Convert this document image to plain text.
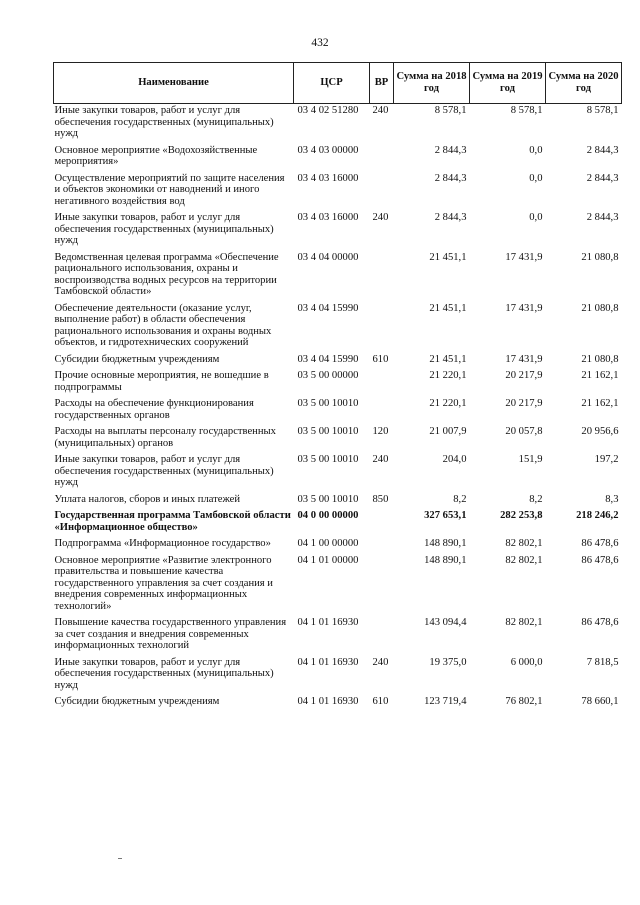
432
Наименование	ЦСР	ВР	Сумма на 2018 год	Сумма на 2019 год	Сумма на 2020 год
Иные закупки товаров, работ и услуг для обеспечения государственных (муниципальных) нужд	03 4 02 51280	240	8 578,1	8 578,1	8 578,1
Основное мероприятие «Водохозяйственные мероприятия»	03 4 03 00000		2 844,3	0,0	2 844,3
Осуществление мероприятий по защите населения и объектов экономики от наводнений и иного негативного воздействия вод	03 4 03 16000		2 844,3	0,0	2 844,3
Иные закупки товаров, работ и услуг для обеспечения государственных (муниципальных) нужд	03 4 03 16000	240	2 844,3	0,0	2 844,3
Ведомственная целевая программа «Обеспечение рационального использования, охраны и воспроизводства водных ресурсов на территории Тамбовской области»	03 4 04 00000		21 451,1	17 431,9	21 080,8
Обеспечение деятельности (оказание услуг, выполнение работ) в области обеспечения рационального использования и охраны водных объектов, и гидротехнических сооружений	03 4 04 15990		21 451,1	17 431,9	21 080,8
Субсидии бюджетным учреждениям	03 4 04 15990	610	21 451,1	17 431,9	21 080,8
Прочие основные мероприятия, не вошедшие в подпрограммы	03 5 00 00000		21 220,1	20 217,9	21 162,1
Расходы на обеспечение функционирования государственных органов	03 5 00 10010		21 220,1	20 217,9	21 162,1
Расходы на выплаты персоналу государственных (муниципальных) органов	03 5 00 10010	120	21 007,9	20 057,8	20 956,6
Иные закупки товаров, работ и услуг для обеспечения государственных (муниципальных) нужд	03 5 00 10010	240	204,0	151,9	197,2
Уплата налогов, сборов и иных платежей	03 5 00 10010	850	8,2	8,2	8,3
Государственная программа Тамбовской области «Информационное общество»	04 0 00 00000		327 653,1	282 253,8	218 246,2
Подпрограмма «Информационное государство»	04 1 00 00000		148 890,1	82 802,1	86 478,6
Основное мероприятие «Развитие электронного правительства и повышение качества государственного управления за счет создания и внедрения современных информационных технологий»	04 1 01 00000		148 890,1	82 802,1	86 478,6
Повышение качества государственного управления за счет создания и внедрения современных информационных технологий	04 1 01 16930		143 094,4	82 802,1	86 478,6
Иные закупки товаров, работ и услуг для обеспечения государственных (муниципальных) нужд	04 1 01 16930	240	19 375,0	6 000,0	7 818,5
Субсидии бюджетным учреждениям	04 1 01 16930	610	123 719,4	76 802,1	78 660,1
